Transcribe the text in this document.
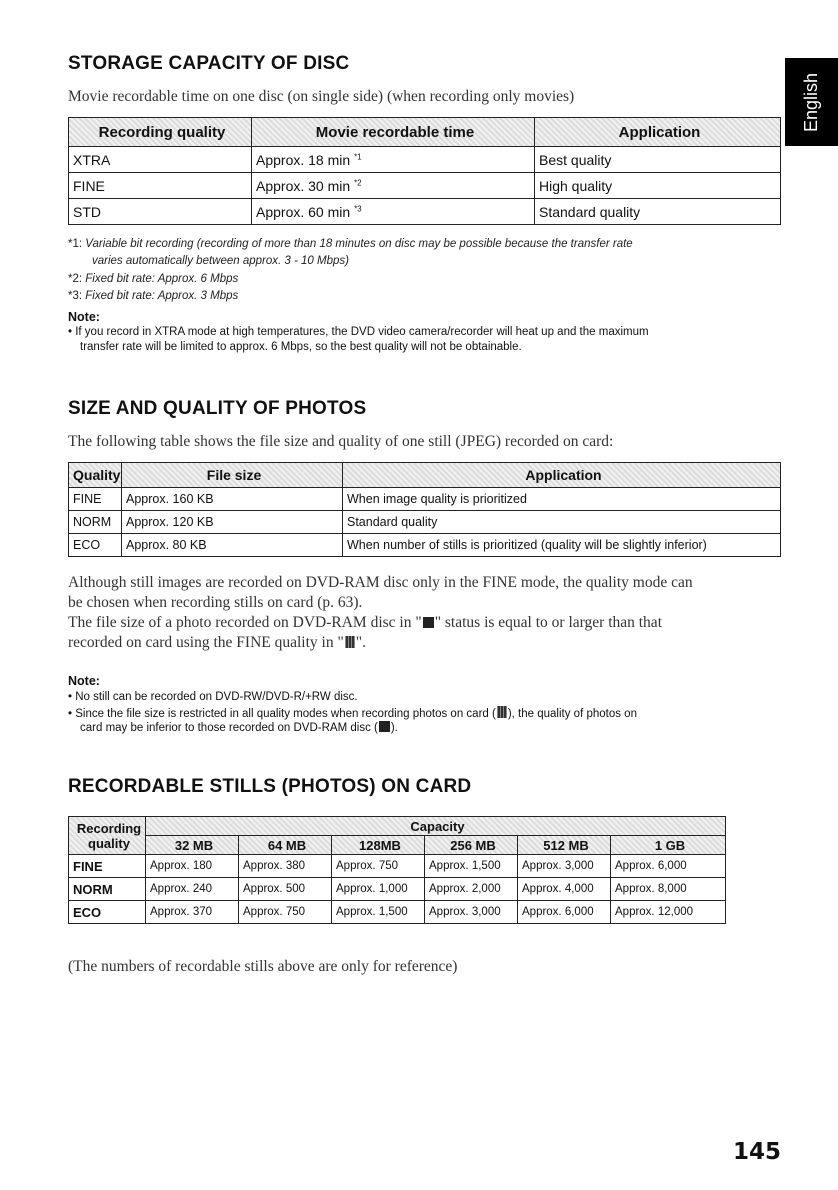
English
STORAGE CAPACITY OF DISC
Movie recordable time on one disc (on single side) (when recording only movies)
Recording quality	Movie recordable time	Application
XTRA	Approx. 18 min $^{*1}$	Best quality
FINE	Approx. 30 min $^{*2}$	High quality
STD	Approx. 60 min $^{*3}$	Standard quality
*1: Variable bit recording (recording of more than 18 minutes on disc may be possible because the transfer rate
varies automatically between approx. 3 - 10 Mbps)
*2: Fixed bit rate: Approx. 6 Mbps
*3: Fixed bit rate: Approx. 3 Mbps
Note:
• If you record in XTRA mode at high temperatures, the DVD video camera/recorder will heat up and the maximum
transfer rate will be limited to approx. 6 Mbps, so the best quality will not be obtainable.
SIZE AND QUALITY OF PHOTOS
The following table shows the file size and quality of one still (JPEG) recorded on card:
Quality	File size	Application
FINE	Approx. 160 KB	When image quality is prioritized
NORM	Approx. 120 KB	Standard quality
ECO	Approx. 80 KB	When number of stills is prioritized (quality will be slightly inferior)
Although still images are recorded on DVD-RAM disc only in the FINE mode, the quality mode can
be chosen when recording stills on card (p. 63).
The file size of a photo recorded on DVD-RAM disc in " " status is equal to or larger than that
recorded on card using the FINE quality in " ".
Note:
• No still can be recorded on DVD-RW/DVD-R/+RW disc.
• Since the file size is restricted in all quality modes when recording photos on card ( ), the quality of photos on
card may be inferior to those recorded on DVD-RAM disc ( ).
RECORDABLE STILLS (PHOTOS) ON CARD
Recording quality	Capacity					
	32 MB	64 MB	128MB	256 MB	512 MB	1 GB
FINE	Approx. 180	Approx. 380	Approx. 750	Approx. 1,500	Approx. 3,000	Approx. 6,000
NORM	Approx. 240	Approx. 500	Approx. 1,000	Approx. 2,000	Approx. 4,000	Approx. 8,000
ECO	Approx. 370	Approx. 750	Approx. 1,500	Approx. 3,000	Approx. 6,000	Approx. 12,000
(The numbers of recordable stills above are only for reference)
145
